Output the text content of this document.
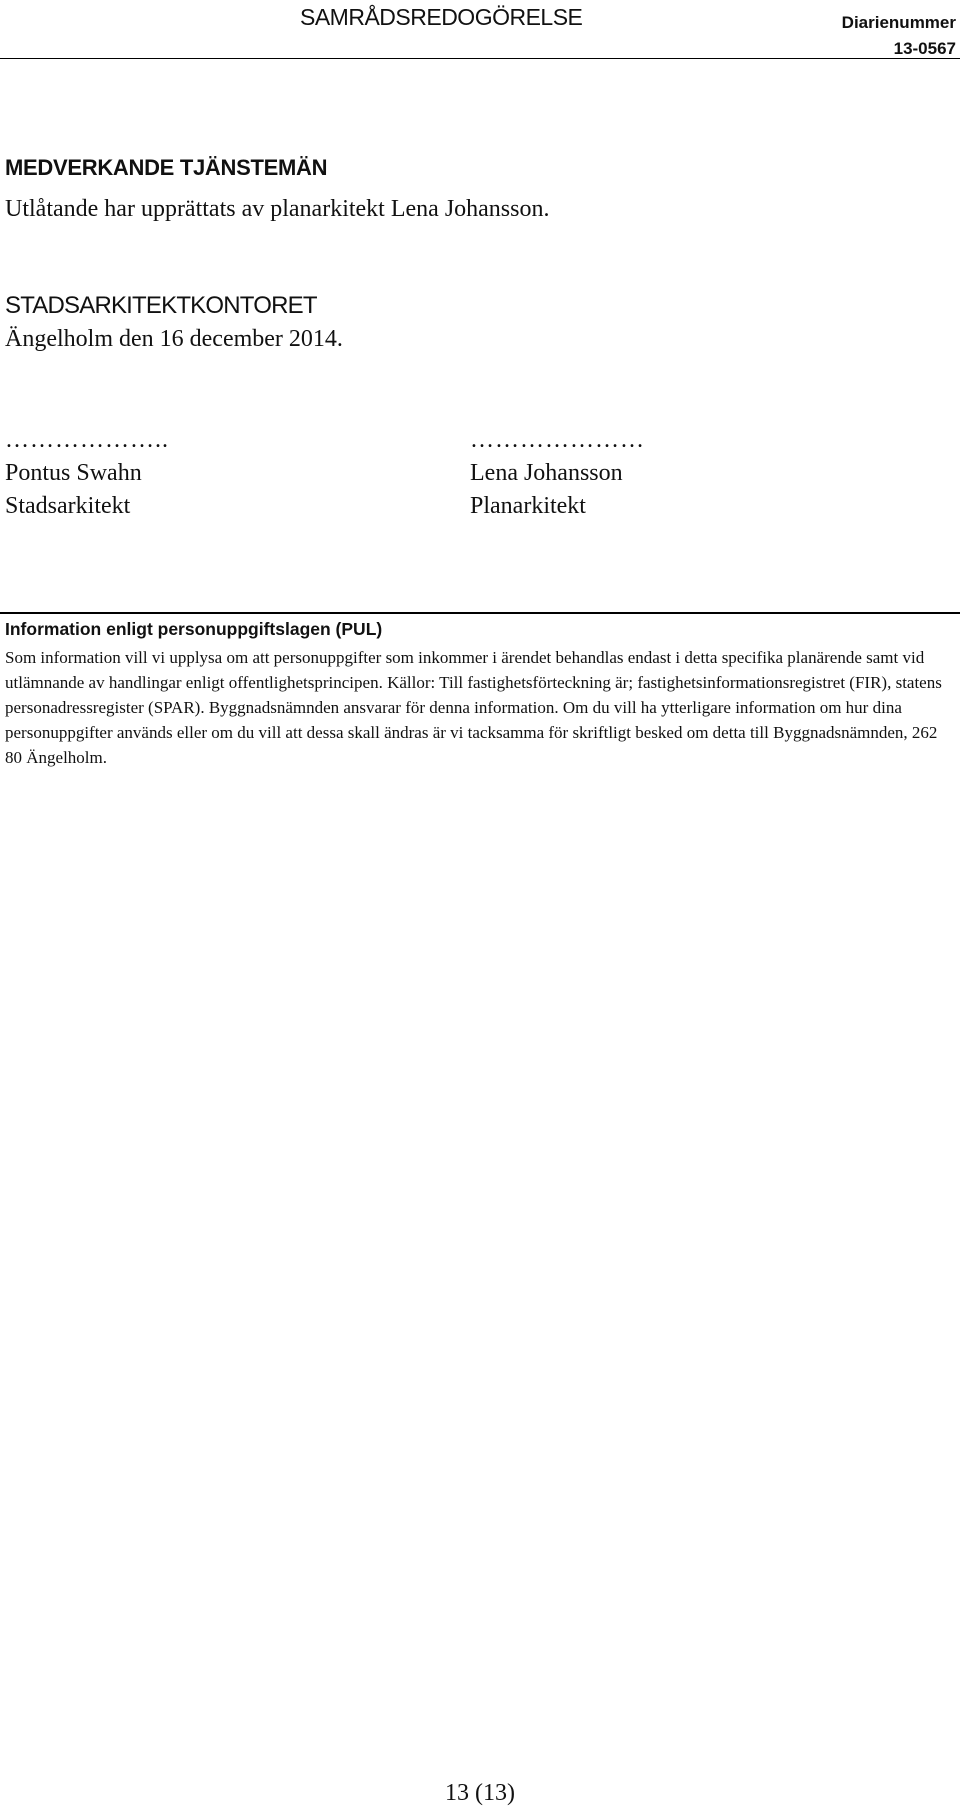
SAMRÅDSREDOGÖRELSE	Diarienummer
13-0567
MEDVERKANDE TJÄNSTEMÄN
Utlåtande har upprättats av planarkitekt Lena Johansson.
STADSARKITEKTKONTORET
Ängelholm den 16 december 2014.
………………..
Pontus Swahn
Stadsarkitekt
…………………
Lena Johansson
Planarkitekt
Information enligt personuppgiftslagen (PUL)

Som information vill vi upplysa om att personuppgifter som inkommer i ärendet behandlas endast i detta specifika planärende samt vid utlämnande av handlingar enligt offentlighetsprincipen. Källor: Till fastighetsförteckning är; fastighetsinformationsregistret (FIR), statens personadressregister (SPAR). Byggnadsnämnden ansvarar för denna information. Om du vill ha ytterligare information om hur dina personuppgifter används eller om du vill att dessa skall ändras är vi tacksamma för skriftligt besked om detta till Byggnadsnämnden, 262 80 Ängelholm.

13 (13)
